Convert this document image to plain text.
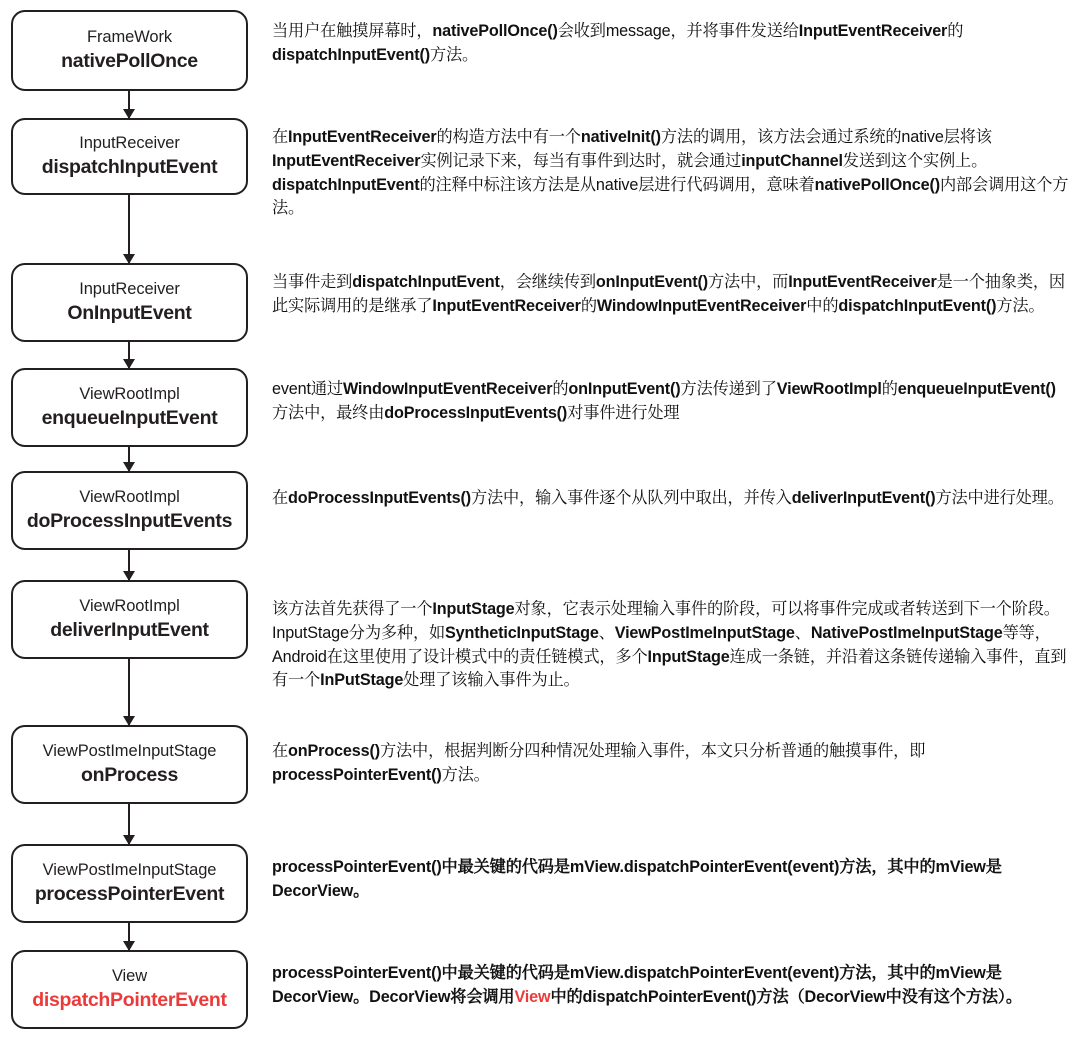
FrameWork
nativePollOnce
InputReceiver
dispatchInputEvent
InputReceiver
OnInputEvent
ViewRootImpl
enqueueInputEvent
ViewRootImpl
doProcessInputEvents
ViewRootImpl
deliverInputEvent
ViewPostImeInputStage
onProcess
ViewPostImeInputStage
processPointerEvent
View
dispatchPointerEvent
当用户在触摸屏幕时，nativePollOnce()会收到message，并将事件发送给InputEventReceiver的dispatchInputEvent()方法。
在InputEventReceiver的构造方法中有一个nativeInit()方法的调用，该方法会通过系统的native层将该InputEventReceiver实例记录下来，每当有事件到达时，就会通过inputChannel发送到这个实例上。
dispatchInputEvent的注释中标注该方法是从native层进行代码调用，意味着nativePollOnce()内部会调用这个方法。
当事件走到dispatchInputEvent，会继续传到onInputEvent()方法中，而InputEventReceiver是一个抽象类，因此实际调用的是继承了InputEventReceiver的WindowInputEventReceiver中的dispatchInputEvent()方法。
event通过WindowInputEventReceiver的onInputEvent()方法传递到了ViewRootImpl的enqueueInputEvent()方法中，最终由doProcessInputEvents()对事件进行处理
在doProcessInputEvents()方法中，输入事件逐个从队列中取出，并传入deliverInputEvent()方法中进行处理。
该方法首先获得了一个InputStage对象，它表示处理输入事件的阶段，可以将事件完成或者转送到下一个阶段。InputStage分为多种，如SyntheticInputStage、ViewPostImeInputStage、NativePostImeInputStage等等，Android在这里使用了设计模式中的责任链模式，多个InputStage连成一条链，并沿着这条链传递输入事件，直到有一个InPutStage处理了该输入事件为止。
在onProcess()方法中，根据判断分四种情况处理输入事件，本文只分析普通的触摸事件，即processPointerEvent()方法。
processPointerEvent()中最关键的代码是mView.dispatchPointerEvent(event)方法，其中的mView是DecorView。
processPointerEvent()中最关键的代码是mView.dispatchPointerEvent(event)方法，其中的mView是DecorView。DecorView将会调用View中的dispatchPointerEvent()方法（DecorView中没有这个方法）。
